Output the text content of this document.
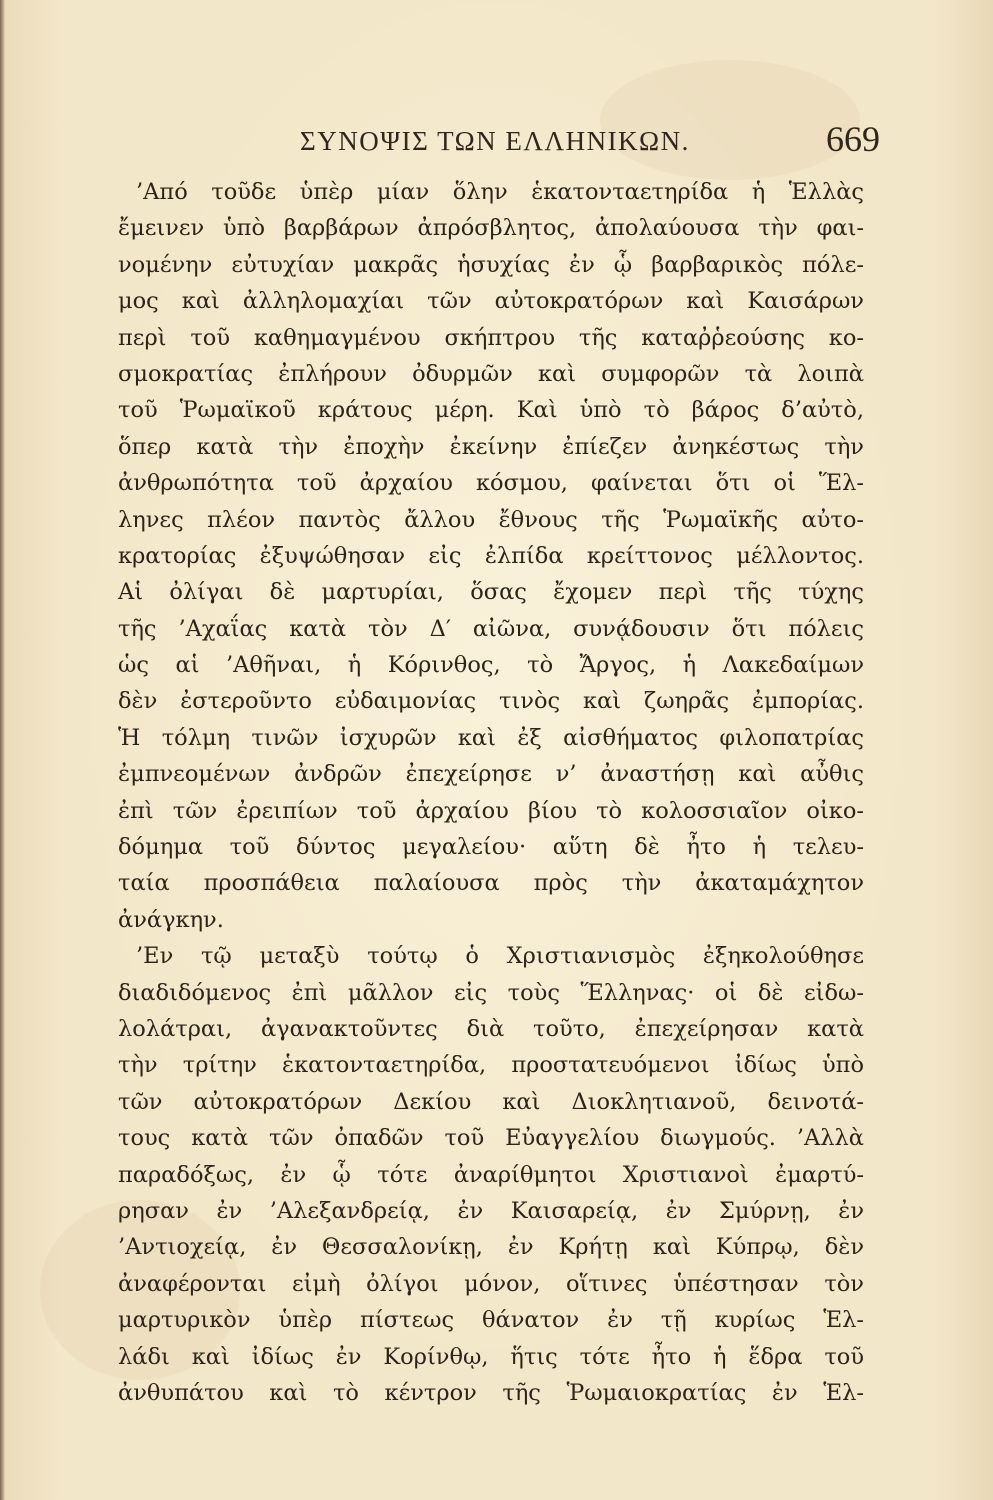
ΣΥΝΟΨΙΣ ΤΩΝ ΕΛΛΗΝΙΚΩΝ.	669
’Από τοῦδε ὑπὲρ μίαν ὅλην ἑκατονταετηρίδα ἡ Ἑλλὰς
ἔμεινεν ὑπὸ βαρβάρων ἀπρόσβλητος, ἀπολαύουσα τὴν φαι-
νομένην εὐτυχίαν μακρᾶς ἡσυχίας ἐν ᾧ βαρβαρικὸς πόλε-
μος καὶ ἀλληλομαχίαι τῶν αὐτοκρατόρων καὶ Καισάρων
περὶ τοῦ καθημαγμένου σκήπτρου τῆς καταῤῥεούσης κο-
σμοκρατίας ἐπλήρουν ὀδυρμῶν καὶ συμφορῶν τὰ λοιπὰ
τοῦ Ῥωμαϊκοῦ κράτους μέρη. Καὶ ὑπὸ τὸ βάρος δ’αὐτὸ,
ὅπερ κατὰ τὴν ἐποχὴν ἐκείνην ἐπίεζεν ἀνηκέστως τὴν
ἀνθρωπότητα τοῦ ἀρχαίου κόσμου, φαίνεται ὅτι οἱ Ἕλ-
ληνες πλέον παντὸς ἄλλου ἔθνους τῆς Ῥωμαϊκῆς αὐτο-
κρατορίας ἐξυψώθησαν εἰς ἐλπίδα κρείττονος μέλλοντος.
Αἱ ὀλίγαι δὲ μαρτυρίαι, ὅσας ἔχομεν περὶ τῆς τύχης
τῆς ’Αχαΐας κατὰ τὸν Δ′ αἰῶνα, συνᾴδουσιν ὅτι πόλεις
ὡς αἱ ’Αθῆναι, ἡ Κόρινθος, τὸ Ἄργος, ἡ Λακεδαίμων
δὲν ἐστεροῦντο εὐδαιμονίας τινὸς καὶ ζωηρᾶς ἐμπορίας.
Ἡ τόλμη τινῶν ἰσχυρῶν καὶ ἐξ αἰσθήματος φιλοπατρίας
ἐμπνεομένων ἀνδρῶν ἐπεχείρησε ν’ ἀναστήσῃ καὶ αὖθις
ἐπὶ τῶν ἐρειπίων τοῦ ἀρχαίου βίου τὸ κολοσσιαῖον οἰκο-
δόμημα τοῦ δύντος μεγαλείου· αὕτη δὲ ἦτο ἡ τελευ-
ταία προσπάθεια παλαίουσα πρὸς τὴν ἀκαταμάχητον
ἀνάγκην.
’Εν τῷ μεταξὺ τούτῳ ὁ Χριστιανισμὸς ἐξηκολούθησε
διαδιδόμενος ἐπὶ μᾶλλον εἰς τοὺς Ἕλληνας· οἱ δὲ εἰδω-
λολάτραι, ἀγανακτοῦντες διὰ τοῦτο, ἐπεχείρησαν κατὰ
τὴν τρίτην ἑκατονταετηρίδα, προστατευόμενοι ἰδίως ὑπὸ
τῶν αὐτοκρατόρων Δεκίου καὶ Διοκλητιανοῦ, δεινοτά-
τους κατὰ τῶν ὀπαδῶν τοῦ Εὐαγγελίου διωγμούς. ’Αλλὰ
παραδόξως, ἐν ᾧ τότε ἀναρίθμητοι Χριστιανοὶ ἐμαρτύ-
ρησαν ἐν ’Αλεξανδρείᾳ, ἐν Καισαρείᾳ, ἐν Σμύρνῃ, ἐν
’Αντιοχείᾳ, ἐν Θεσσαλονίκῃ, ἐν Κρήτῃ καὶ Κύπρῳ, δὲν
ἀναφέρονται εἰμὴ ὀλίγοι μόνον, οἵτινες ὑπέστησαν τὸν
μαρτυρικὸν ὑπὲρ πίστεως θάνατον ἐν τῇ κυρίως Ἑλ-
λάδι καὶ ἰδίως ἐν Κορίνθῳ, ἥτις τότε ἦτο ἡ ἕδρα τοῦ
ἀνθυπάτου καὶ τὸ κέντρον τῆς Ῥωμαιοκρατίας ἐν Ἑλ-
